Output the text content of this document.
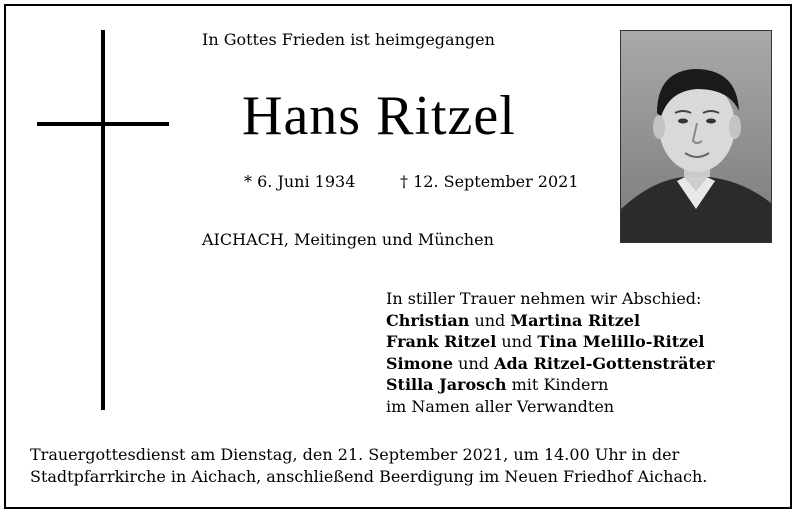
In Gottes Frieden ist heimgegangen
Hans Ritzel
* 6. Juni 1934	† 12. September 2021
AICHACH, Meitingen und München
In stiller Trauer nehmen wir Abschied:
Christian und Martina Ritzel
Frank Ritzel und Tina Melillo-Ritzel
Simone und Ada Ritzel-Gottensträter
Stilla Jarosch mit Kindern
im Namen aller Verwandten
Trauergottesdienst am Dienstag, den 21. September 2021, um 14.00 Uhr in der
Stadtpfarrkirche in Aichach, anschließend Beerdigung im Neuen Friedhof Aichach.
